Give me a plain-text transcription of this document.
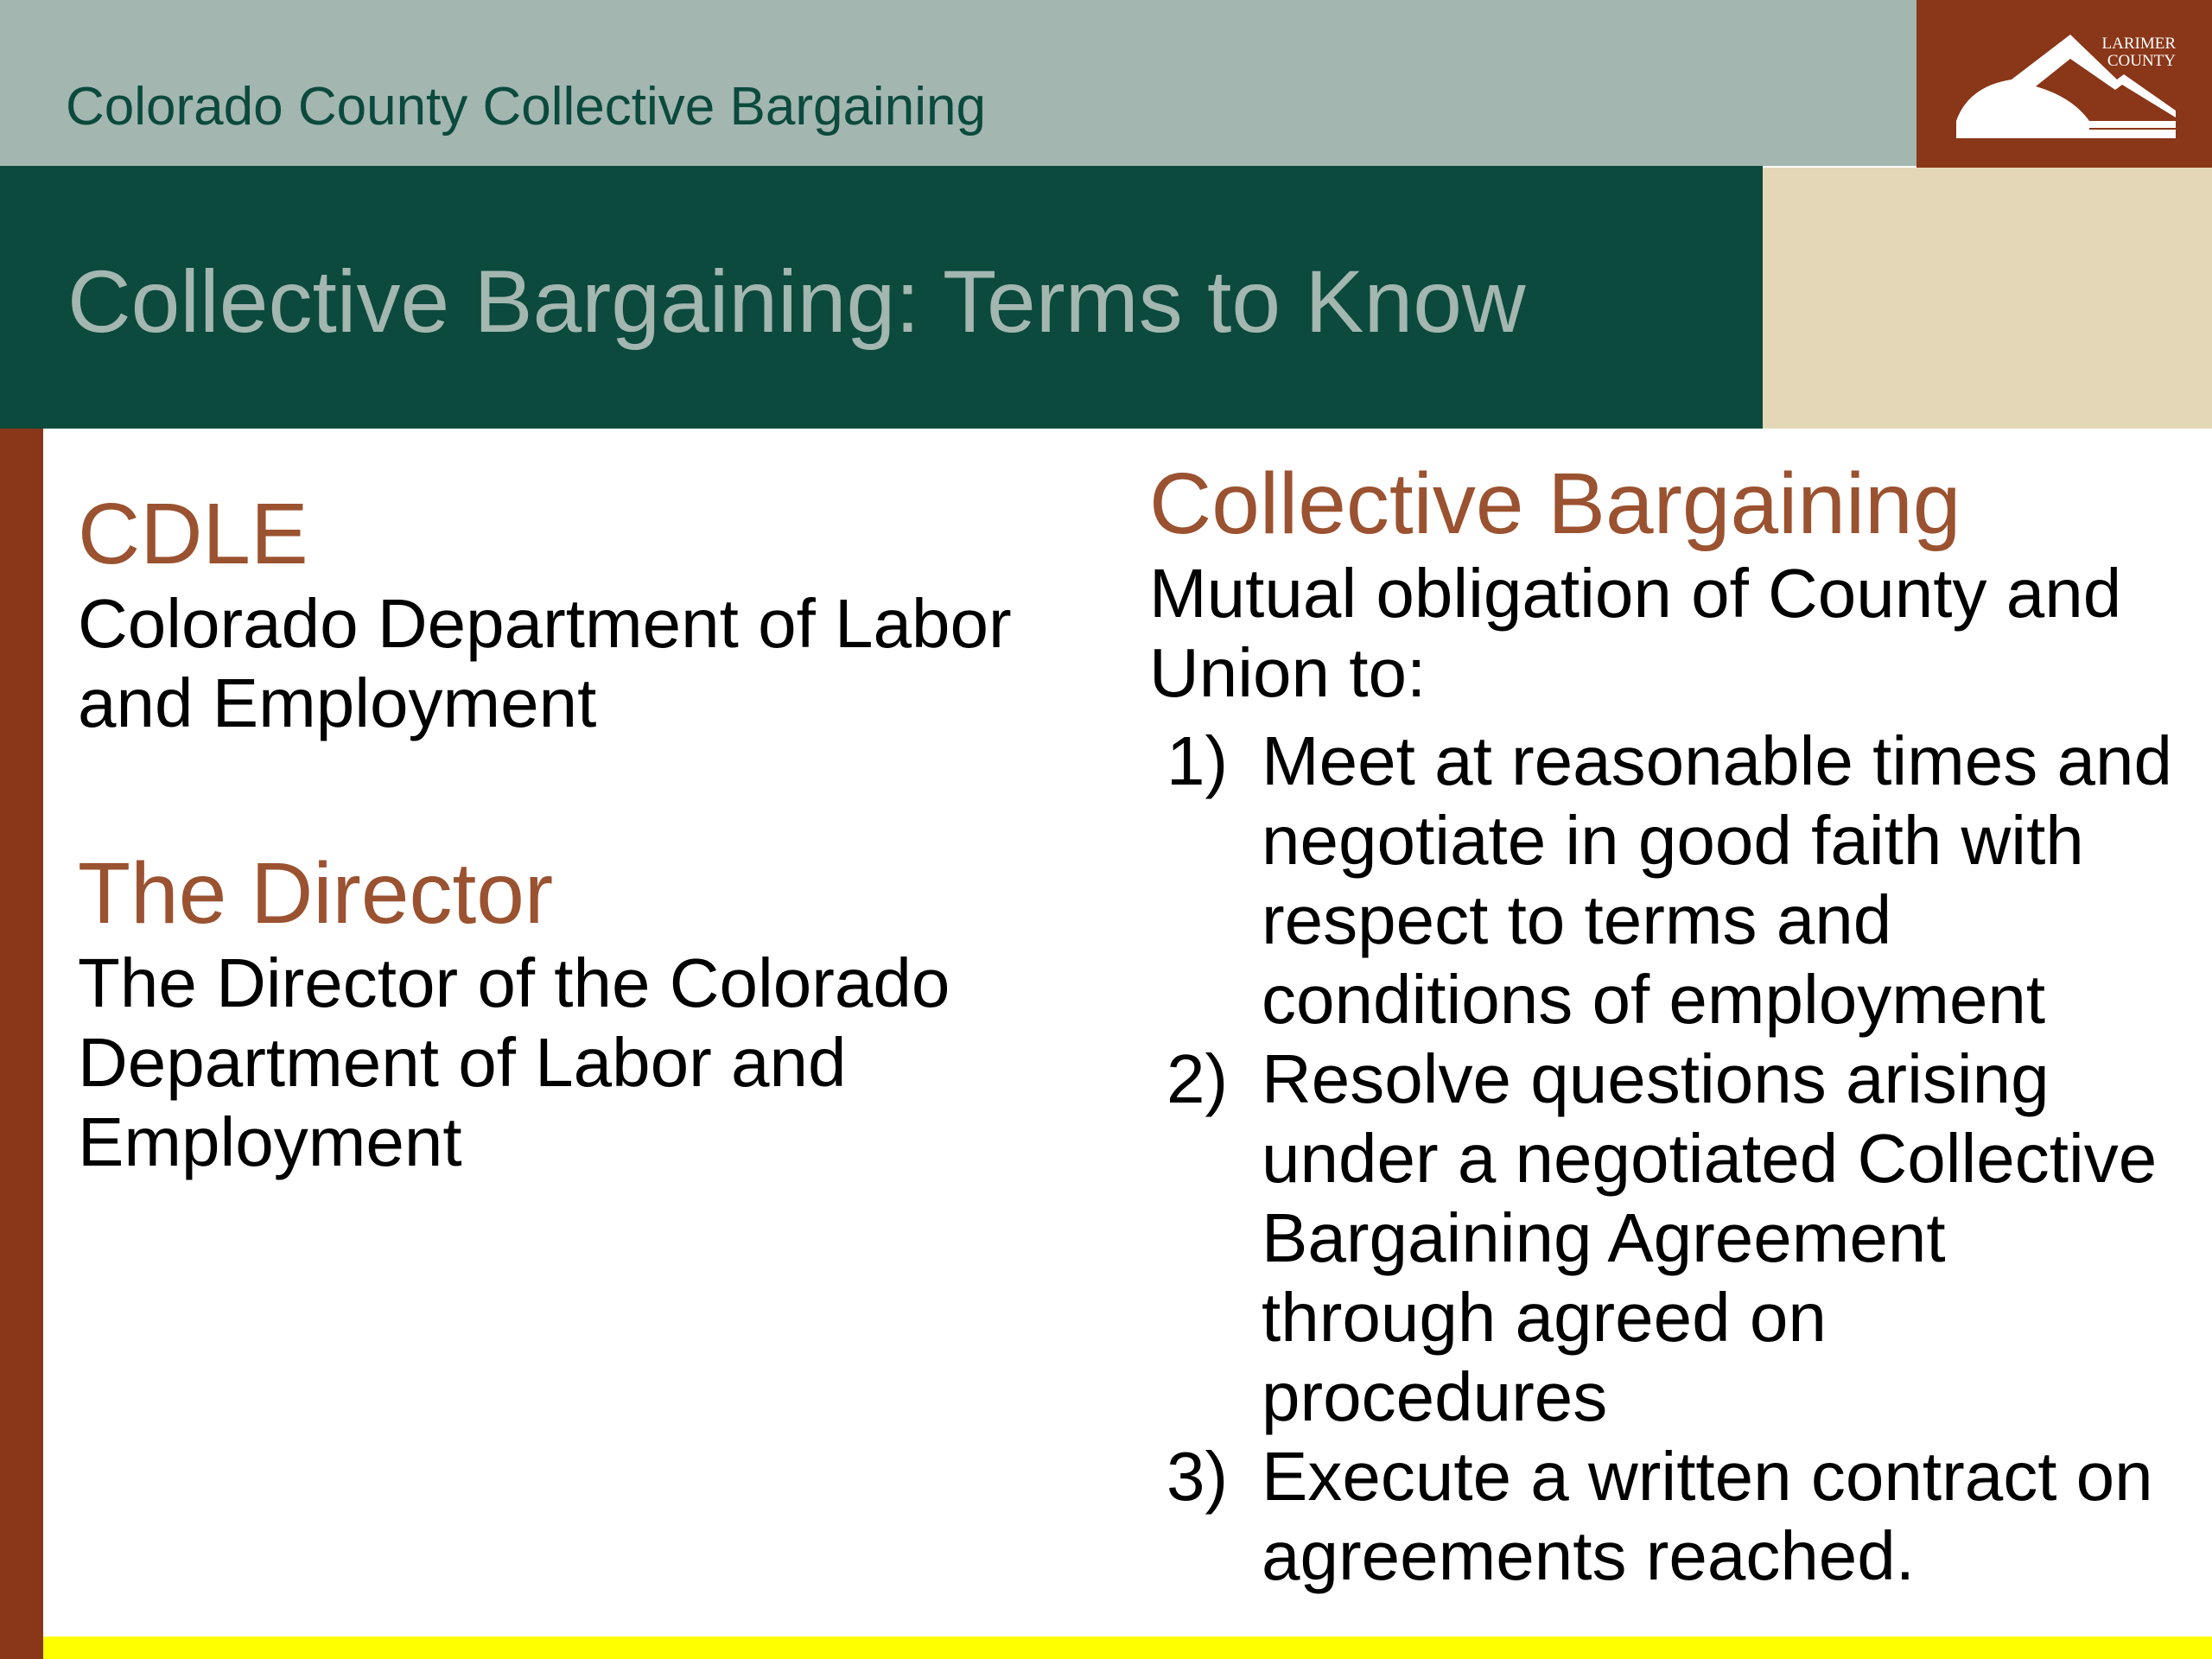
Colorado County Collective Bargaining
LARIMER
COUNTY
Collective Bargaining: Terms to Know
CDLE

Colorado Department of Labor and Employment

The Director

The Director of the Colorado Department of Labor and Employment

Collective Bargaining

Mutual obligation of County and Union to:

1) Meet at reasonable times and negotiate in good faith with respect to terms and conditions of employment
2) Resolve questions arising under a negotiated Collective Bargaining Agreement through agreed on procedures
3) Execute a written contract on agreements reached.
